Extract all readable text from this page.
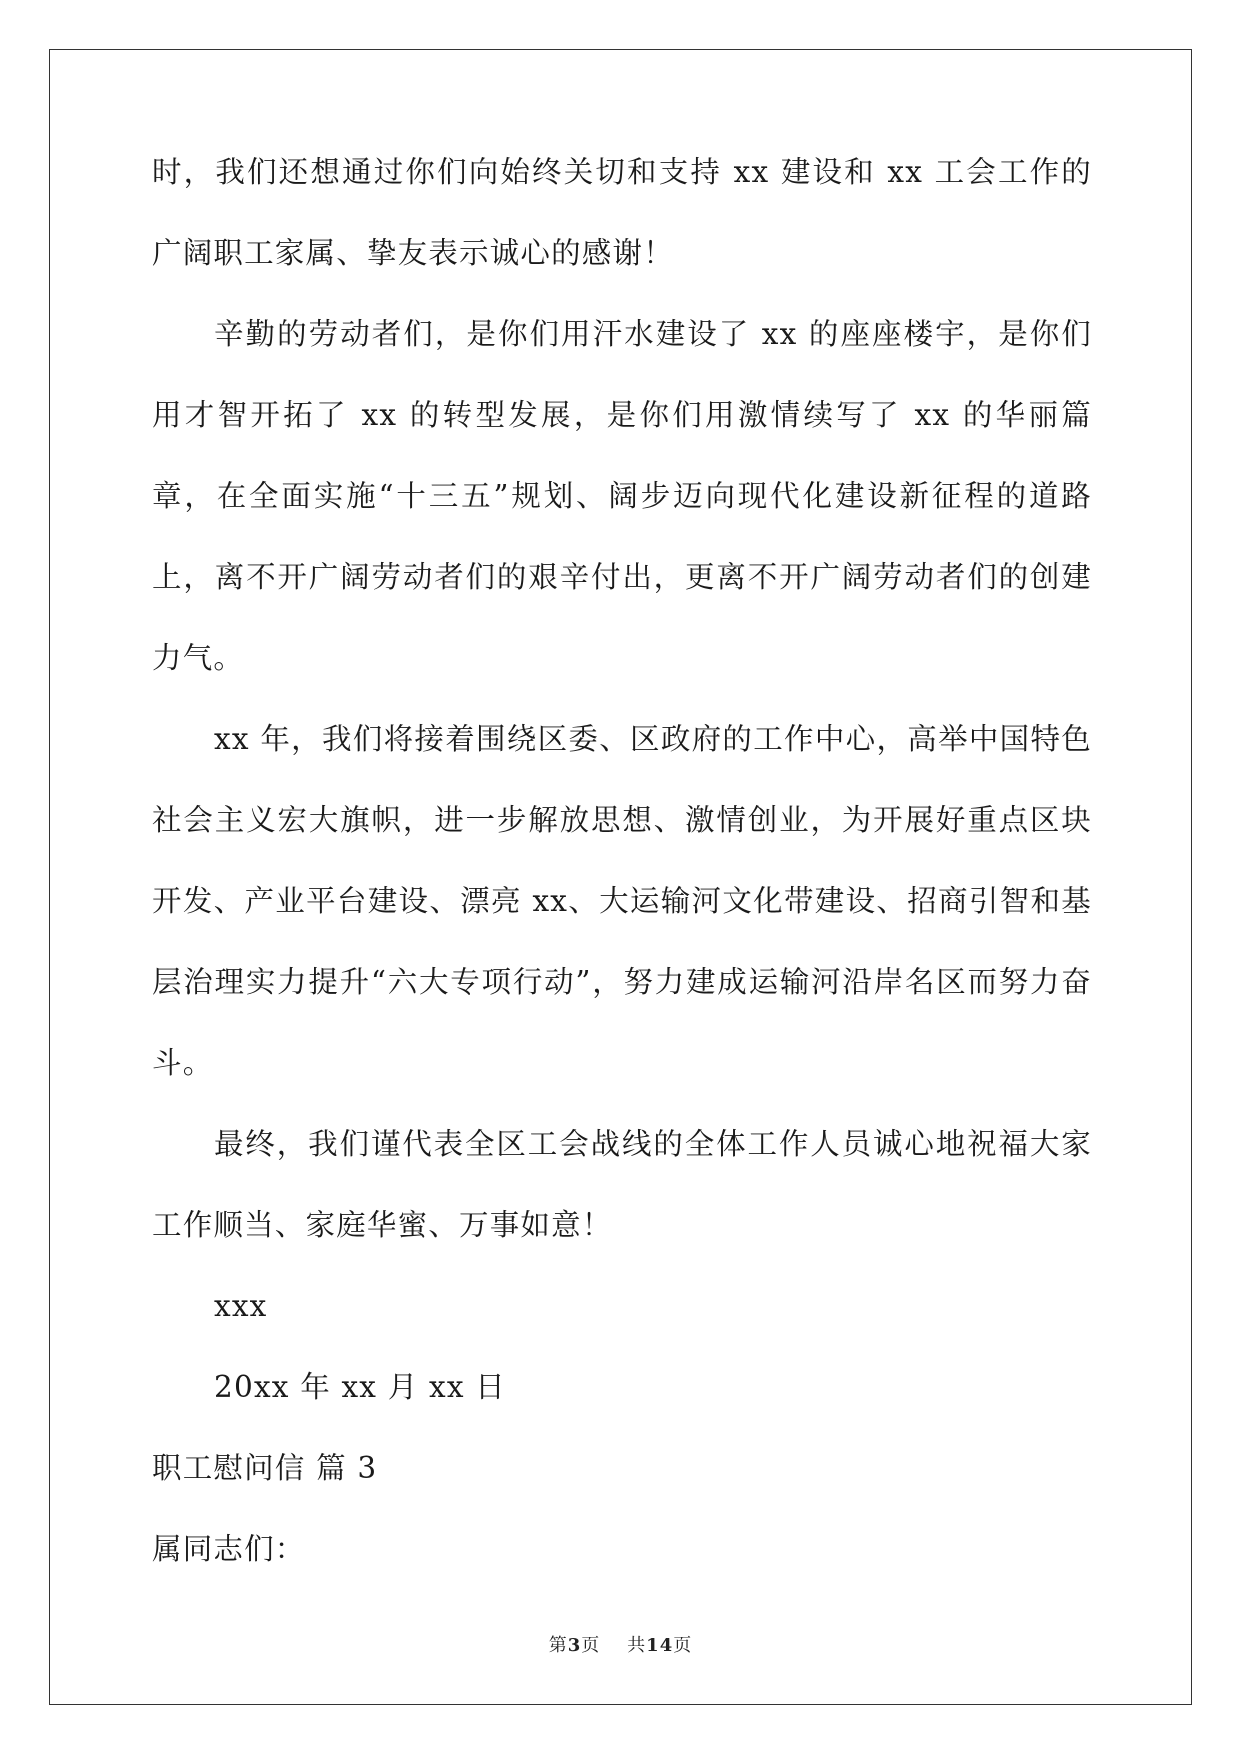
时，我们还想通过你们向始终关切和支持 xx 建设和 xx 工会工作的广阔职工家属、挚友表示诚心的感谢！

辛勤的劳动者们，是你们用汗水建设了 xx 的座座楼宇，是你们用才智开拓了 xx 的转型发展，是你们用激情续写了 xx 的华丽篇章，在全面实施“十三五”规划、阔步迈向现代化建设新征程的道路上，离不开广阔劳动者们的艰辛付出，更离不开广阔劳动者们的创建力气。

xx 年，我们将接着围绕区委、区政府的工作中心，高举中国特色社会主义宏大旗帜，进一步解放思想、激情创业，为开展好重点区块开发、产业平台建设、漂亮 xx、大运输河文化带建设、招商引智和基层治理实力提升“六大专项行动”，努力建成运输河沿岸名区而努力奋斗。

最终，我们谨代表全区工会战线的全体工作人员诚心地祝福大家工作顺当、家庭华蜜、万事如意！

xxx

20xx 年 xx 月 xx 日

职工慰问信 篇 3

属同志们：

第3页 共14页
